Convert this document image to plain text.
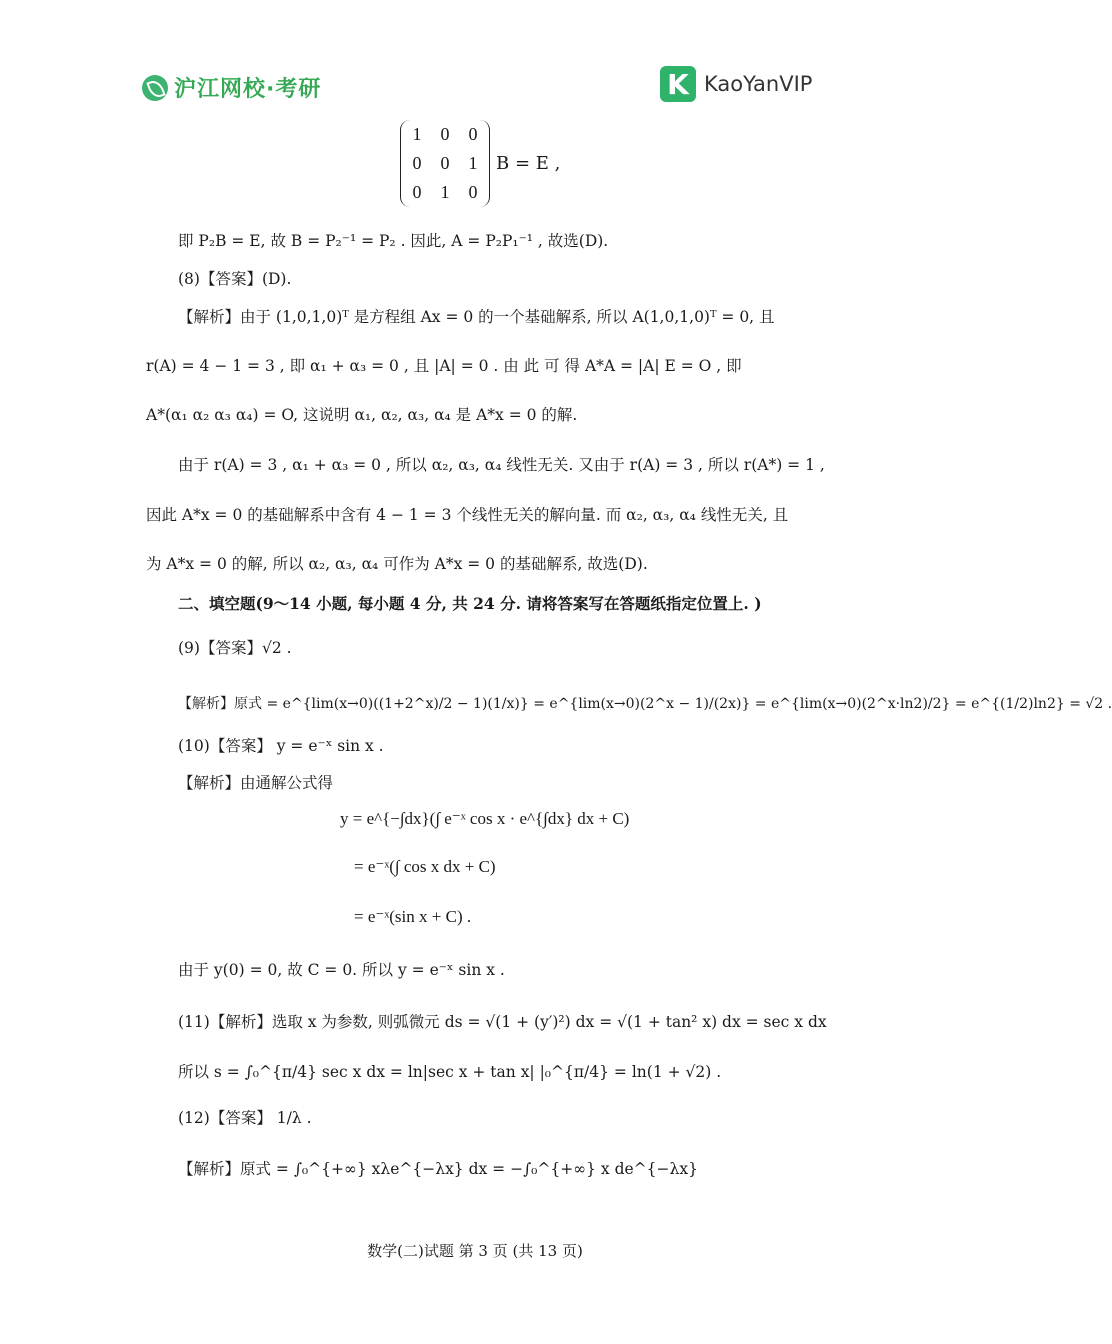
沪江网校·考研	K KaoYanVIP
1	0	0
0	0	1
0	1	0
B = E ,
即 P₂B = E, 故 B = P₂⁻¹ = P₂ . 因此, A = P₂P₁⁻¹ , 故选(D).
(8)【答案】(D).
【解析】由于 (1,0,1,0)ᵀ 是方程组 Ax = 0 的一个基础解系, 所以 A(1,0,1,0)ᵀ = 0, 且
r(A) = 4 − 1 = 3 , 即 α₁ + α₃ = 0 , 且 |A| = 0 . 由 此 可 得 A*A = |A| E = O , 即
A*(α₁ α₂ α₃ α₄) = O, 这说明 α₁, α₂, α₃, α₄ 是 A*x = 0 的解.
由于 r(A) = 3 , α₁ + α₃ = 0 , 所以 α₂, α₃, α₄ 线性无关. 又由于 r(A) = 3 , 所以 r(A*) = 1 ,
因此 A*x = 0 的基础解系中含有 4 − 1 = 3 个线性无关的解向量. 而 α₂, α₃, α₄ 线性无关, 且
为 A*x = 0 的解, 所以 α₂, α₃, α₄ 可作为 A*x = 0 的基础解系, 故选(D).
二、填空题(9～14 小题, 每小题 4 分, 共 24 分. 请将答案写在答题纸指定位置上. )
(9)【答案】√2 .
【解析】原式 = e^{lim(x→0)((1+2^x)/2 − 1)(1/x)} = e^{lim(x→0)(2^x − 1)/(2x)} = e^{lim(x→0)(2^x·ln2)/2} = e^{(1/2)ln2} = √2 .
(10)【答案】 y = e⁻ˣ sin x .
【解析】由通解公式得
y = e^{−∫dx}(∫ e⁻ˣ cos x · e^{∫dx} dx + C)
= e⁻ˣ(∫ cos x dx + C)
= e⁻ˣ(sin x + C) .
由于 y(0) = 0, 故 C = 0. 所以 y = e⁻ˣ sin x .
(11)【解析】选取 x 为参数, 则弧微元 ds = √(1 + (y′)²) dx = √(1 + tan² x) dx = sec x dx
所以 s = ∫₀^{π/4} sec x dx = ln|sec x + tan x| |₀^{π/4} = ln(1 + √2) .
(12)【答案】 1/λ .
【解析】原式 = ∫₀^{+∞} xλe^{−λx} dx = −∫₀^{+∞} x de^{−λx}
数学(二)试题 第 3 页 (共 13 页)
